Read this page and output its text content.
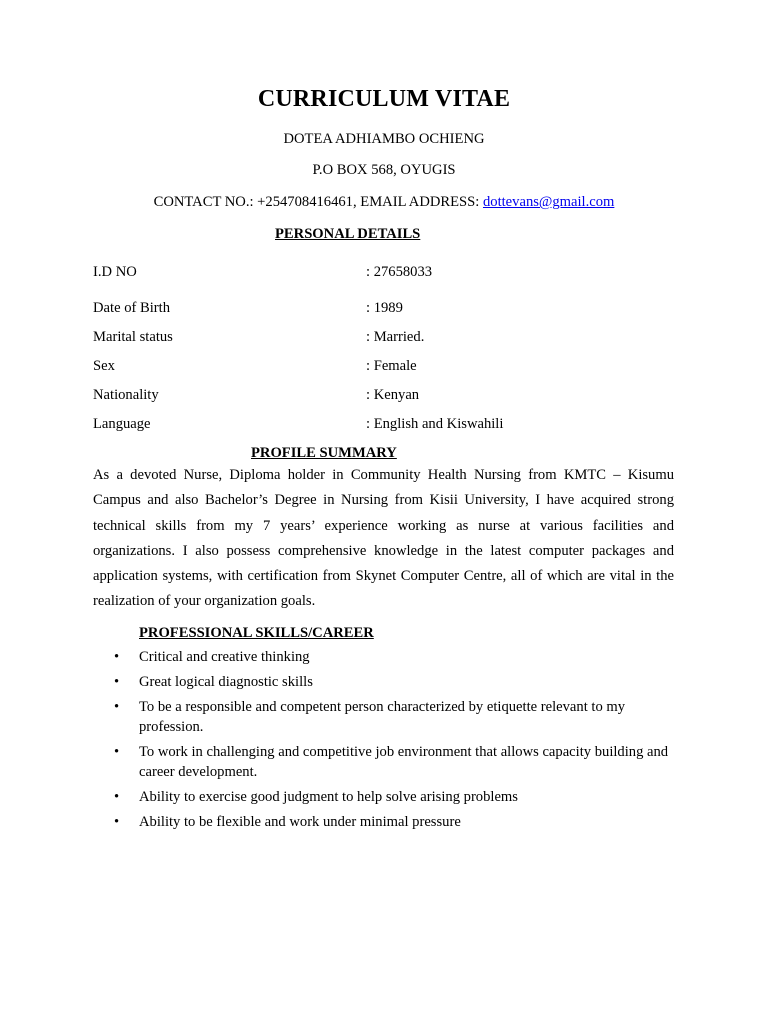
CURRICULUM VITAE
DOTEA ADHIAMBO OCHIENG
P.O BOX 568, OYUGIS
CONTACT NO.: +254708416461, EMAIL ADDRESS: dottevans@gmail.com
PERSONAL DETAILS
I.D NO	: 27658033
Date of Birth	: 1989
Marital status	: Married.
Sex	: Female
Nationality	: Kenyan
Language	: English and Kiswahili
PROFILE SUMMARY
As a devoted Nurse, Diploma holder in Community Health Nursing from KMTC – Kisumu Campus and also Bachelor’s Degree in Nursing from Kisii University, I have acquired strong technical skills from my 7 years’ experience working as nurse at various facilities and organizations. I also possess comprehensive knowledge in the latest computer packages and application systems, with certification from Skynet Computer Centre, all of which are vital in the realization of your organization goals.
PROFESSIONAL SKILLS/CAREER
• Critical and creative thinking
• Great logical diagnostic skills
• To be a responsible and competent person characterized by etiquette relevant to my profession.
• To work in challenging and competitive job environment that allows capacity building and career development.
• Ability to exercise good judgment to help solve arising problems
• Ability to be flexible and work under minimal pressure
